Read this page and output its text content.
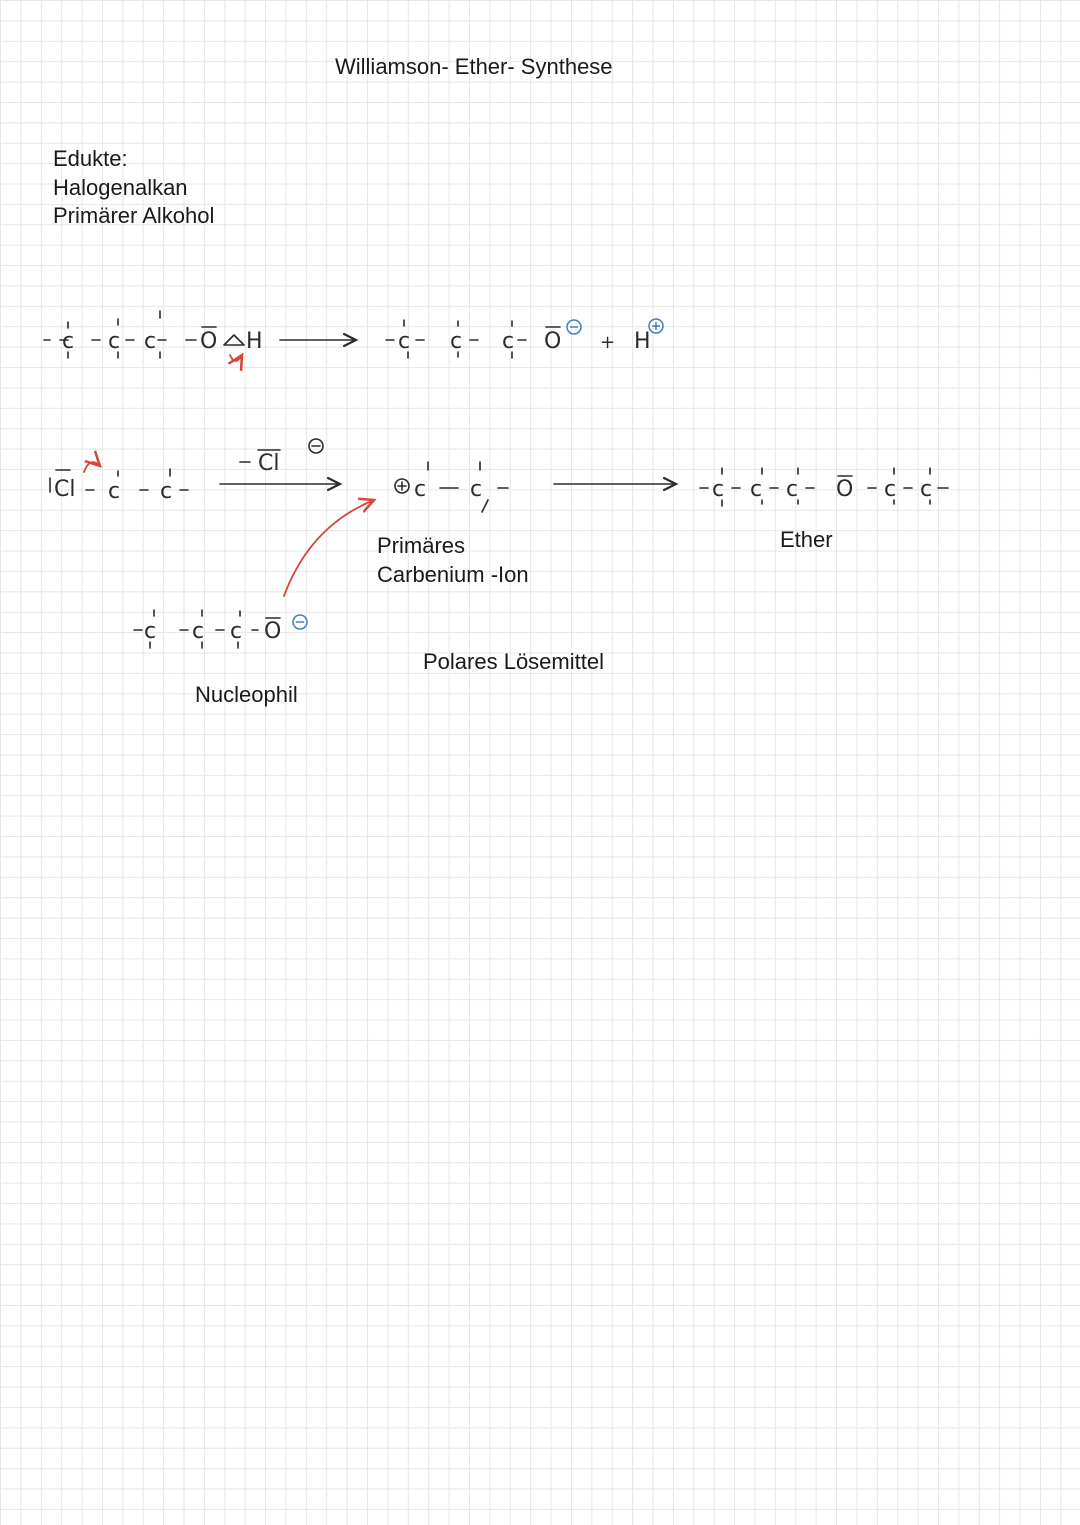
Williamson- Ether- Synthese
Edukte:
Halogenalkan
Primärer Alkohol
Primäres
Carbenium -Ion
Ether
Nucleophil
Polares Lösemittel
c c c O H	c c c O + H
Cl c c
Cl
c c	c c c O c c
c c c O
